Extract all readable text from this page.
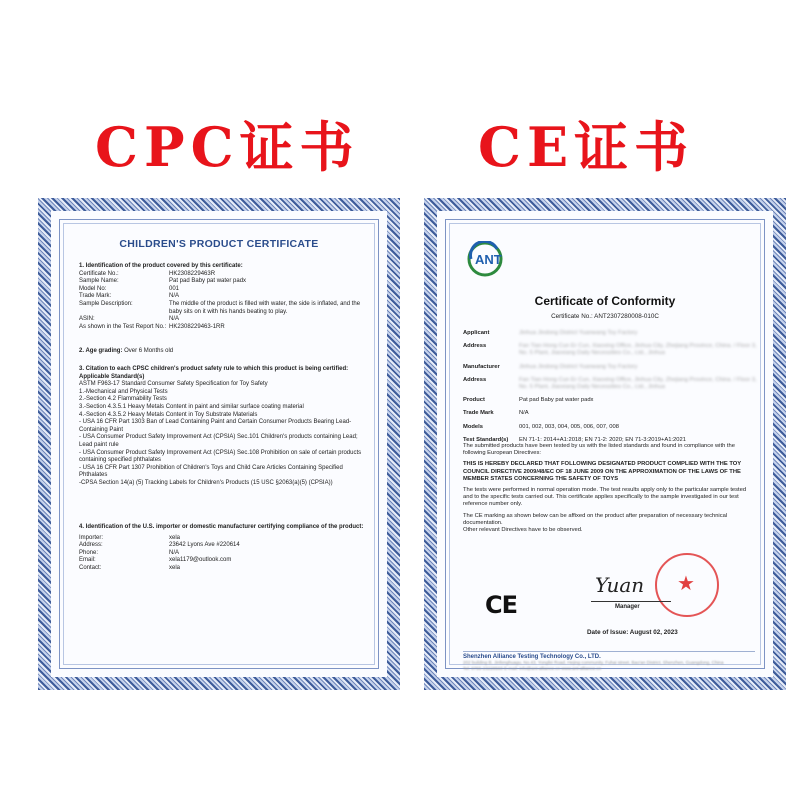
CPC证书 CE证书
CHILDREN'S PRODUCT CERTIFICATE
1. Identification of the product covered by this certificate:
Certificate No.:	HK2308229463R
Sample Name:	Pat pad Baby pat water padx
Model No:	001
Trade Mark:	N/A
Sample Description:	The middle of the product is filled with water, the side is inflated, and the baby sits on it with his hands beating to play.
ASIN:	N/A
As shown in the Test Report No.: HK2308229463-1RR
2. Age grading: Over 6 Months old
3. Citation to each CPSC children's product safety rule to which this product is being certified:
Applicable Standard(s)
ASTM F963-17 Standard Consumer Safety Specification for Toy Safety
1.-Mechanical and Physical Tests
2.-Section 4.2 Flammability Tests
3.-Section 4.3.5.1 Heavy Metals Content in paint and similar surface coating material
4.-Section 4.3.5.2 Heavy Metals Content in Toy Substrate Materials
- USA 16 CFR Part 1303 Ban of Lead Containing Paint and Certain Consumer Products Bearing Lead- Containing Paint
- USA Consumer Product Safety Improvement Act (CPSIA) Sec.101 Children's products containing Lead; Lead paint rule
- USA Consumer Product Safety Improvement Act (CPSIA) Sec.108 Prohibition on sale of certain products containing specified phthalates
- USA 16 CFR Part 1307 Prohibition of Children's Toys and Child Care Articles Containing Specified Phthalates
-CPSA Section 14(a) (5) Tracking Labels for Children's Products (15 USC §2063(a)(5) (CPSIA))
4. Identification of the U.S. importer or domestic manufacturer certifying compliance of the product:
Importer:	xela
Address:	23642 Lyons Ave #220614
Phone:	N/A
Email:	xela1179@outlook.com
Contact:	xela
ANT
Certificate of Conformity
Certificate No.: ANT2307280008-010C
Applicant	Jinhua Jindong District Yuanwang Toy Factory
Address	Fan Tian Hong Cun Er Cun, Xiaoxing Office, Jinhua City, Zhejiang Province, China. / Floor 3, No. 5 Plant, Jiaoxiang Daily Necessities Co., Ltd., Jinhua
Manufacturer	Jinhua Jindong District Yuanwang Toy Factory
Address	Fan Tian Hong Cun Er Cun, Xiaoxing Office, Jinhua City, Zhejiang Province, China. / Floor 3, No. 5 Plant, Jiaoxiang Daily Necessities Co., Ltd., Jinhua
Product	Pat pad Baby pat water padx
Trade Mark	N/A
Models	001, 002, 003, 004, 005, 006, 007, 008
Test Standard(s)	EN 71-1: 2014+A1:2018; EN 71-2: 2020; EN 71-3:2019+A1:2021
The submitted products have been tested by us with the listed standards and found in compliance with the following European Directives:
THIS IS HEREBY DECLARED THAT FOLLOWING DESIGNATED PRODUCT COMPLIED WITH THE TOY COUNCIL DIRECTIVE 2009/48/EC OF 18 JUNE 2009 ON THE APPROXIMATION OF THE LAWS OF THE MEMBER STATES CONCERNING THE SAFETY OF TOYS
The tests were performed in normal operation mode. The test results apply only to the particular sample tested and to the specific tests carried out. This certificate applies specifically to the sample investigated in our test reference number only.
The CE marking as shown below can be affixed on the product after preparation of necessary technical documentation.
Other relevant Directives have to be observed.
CE
★
Yuan
Manager
Date of Issue: August 02, 2023
Shenzhen Alliance Testing Technology Co., LTD.
202 building B, Jinfenghuagu, No.43, Yongfei Road, Hejing community, Fuhai street, Bao'an District, Shenzhen, Guangdong, China
Tel: 0755-23228560 E-mail: info@ant-alliance.cn www.ant-alliance.cn
